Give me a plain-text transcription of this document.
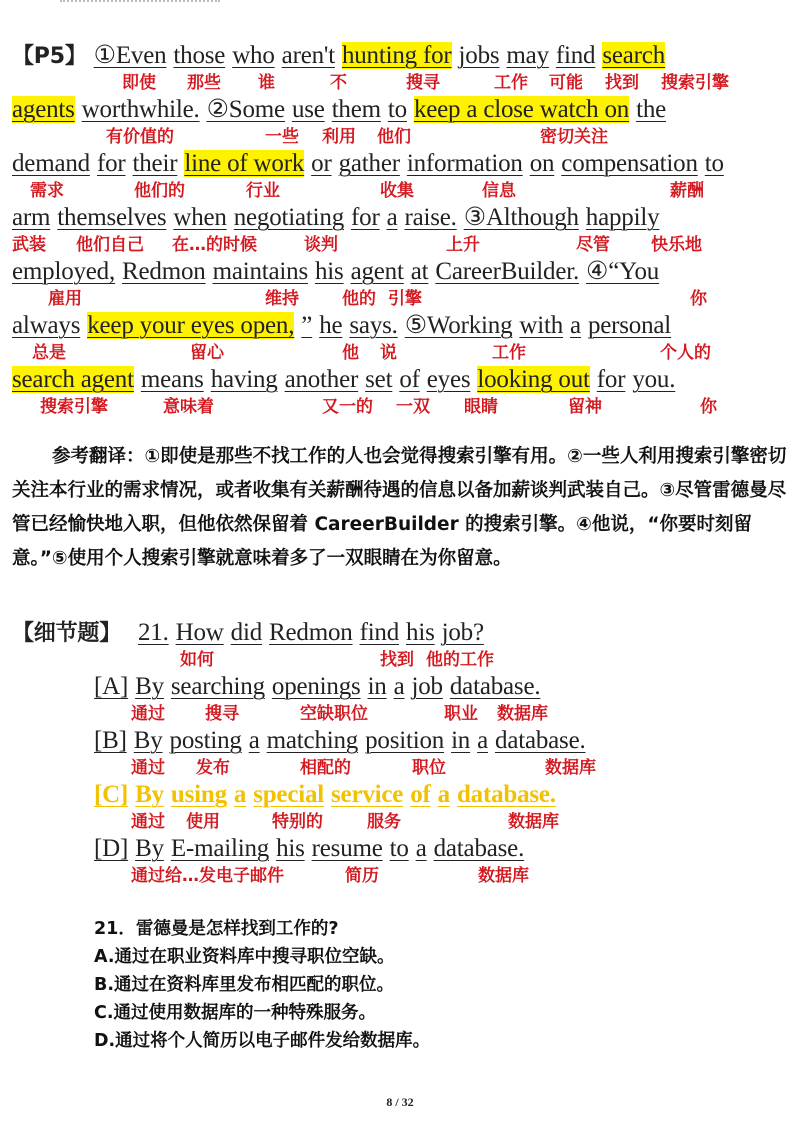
【P5】 ①Even those who aren't hunting for jobs may find search
即使 那些 谁	不	搜寻	工作 可能 找到 搜索引擎
agents worthwhile. ②Some use them to keep a close watch on the
有价值的	一些 利用 他们	密切关注
demand for their line of work or gather information on compensation to
需求	他们的	行业	收集	信息	薪酬
arm themselves when negotiating for a raise. ③Although happily
武装 他们自己 在…的时候	谈判	上升	尽管 快乐地
employed, Redmon maintains his agent at CareerBuilder. ④“You
雇用	维持	他的 引擎	你
always keep your eyes open, ” he says. ⑤Working with a personal
总是	留心	他 说	工作	个人的
search agent means having another set of eyes looking out for you.
搜索引擎	意味着	又一的 一双 眼睛	留神	你
参考翻译：①即使是那些不找工作的人也会觉得搜索引擎有用。②一些人利用搜索引擎密切关注本行业的需求情况，或者收集有关薪酬待遇的信息以备加薪谈判武装自己。③尽管雷德曼尽管已经愉快地入职，但他依然保留着 CareerBuilder 的搜索引擎。④他说，“你要时刻留意。”⑤使用个人搜索引擎就意味着多了一双眼睛在为你留意。
【细节题】 21. How did Redmon find his job?
如何	找到 他的工作
[A] By searching openings in a job database.
通过 搜寻	空缺职位	职业 数据库
[B] By posting a matching position in a database.
通过 发布	相配的	职位	数据库
[C] By using a special service of a database.
通过 使用	特别的	服务	数据库
[D] By E-mailing his resume to a database.
通过给…发电子邮件	简历	数据库
21．雷德曼是怎样找到工作的?
A.通过在职业资料库中搜寻职位空缺。
B.通过在资料库里发布相匹配的职位。
C.通过使用数据库的一种特殊服务。
D.通过将个人简历以电子邮件发给数据库。
8 / 32
